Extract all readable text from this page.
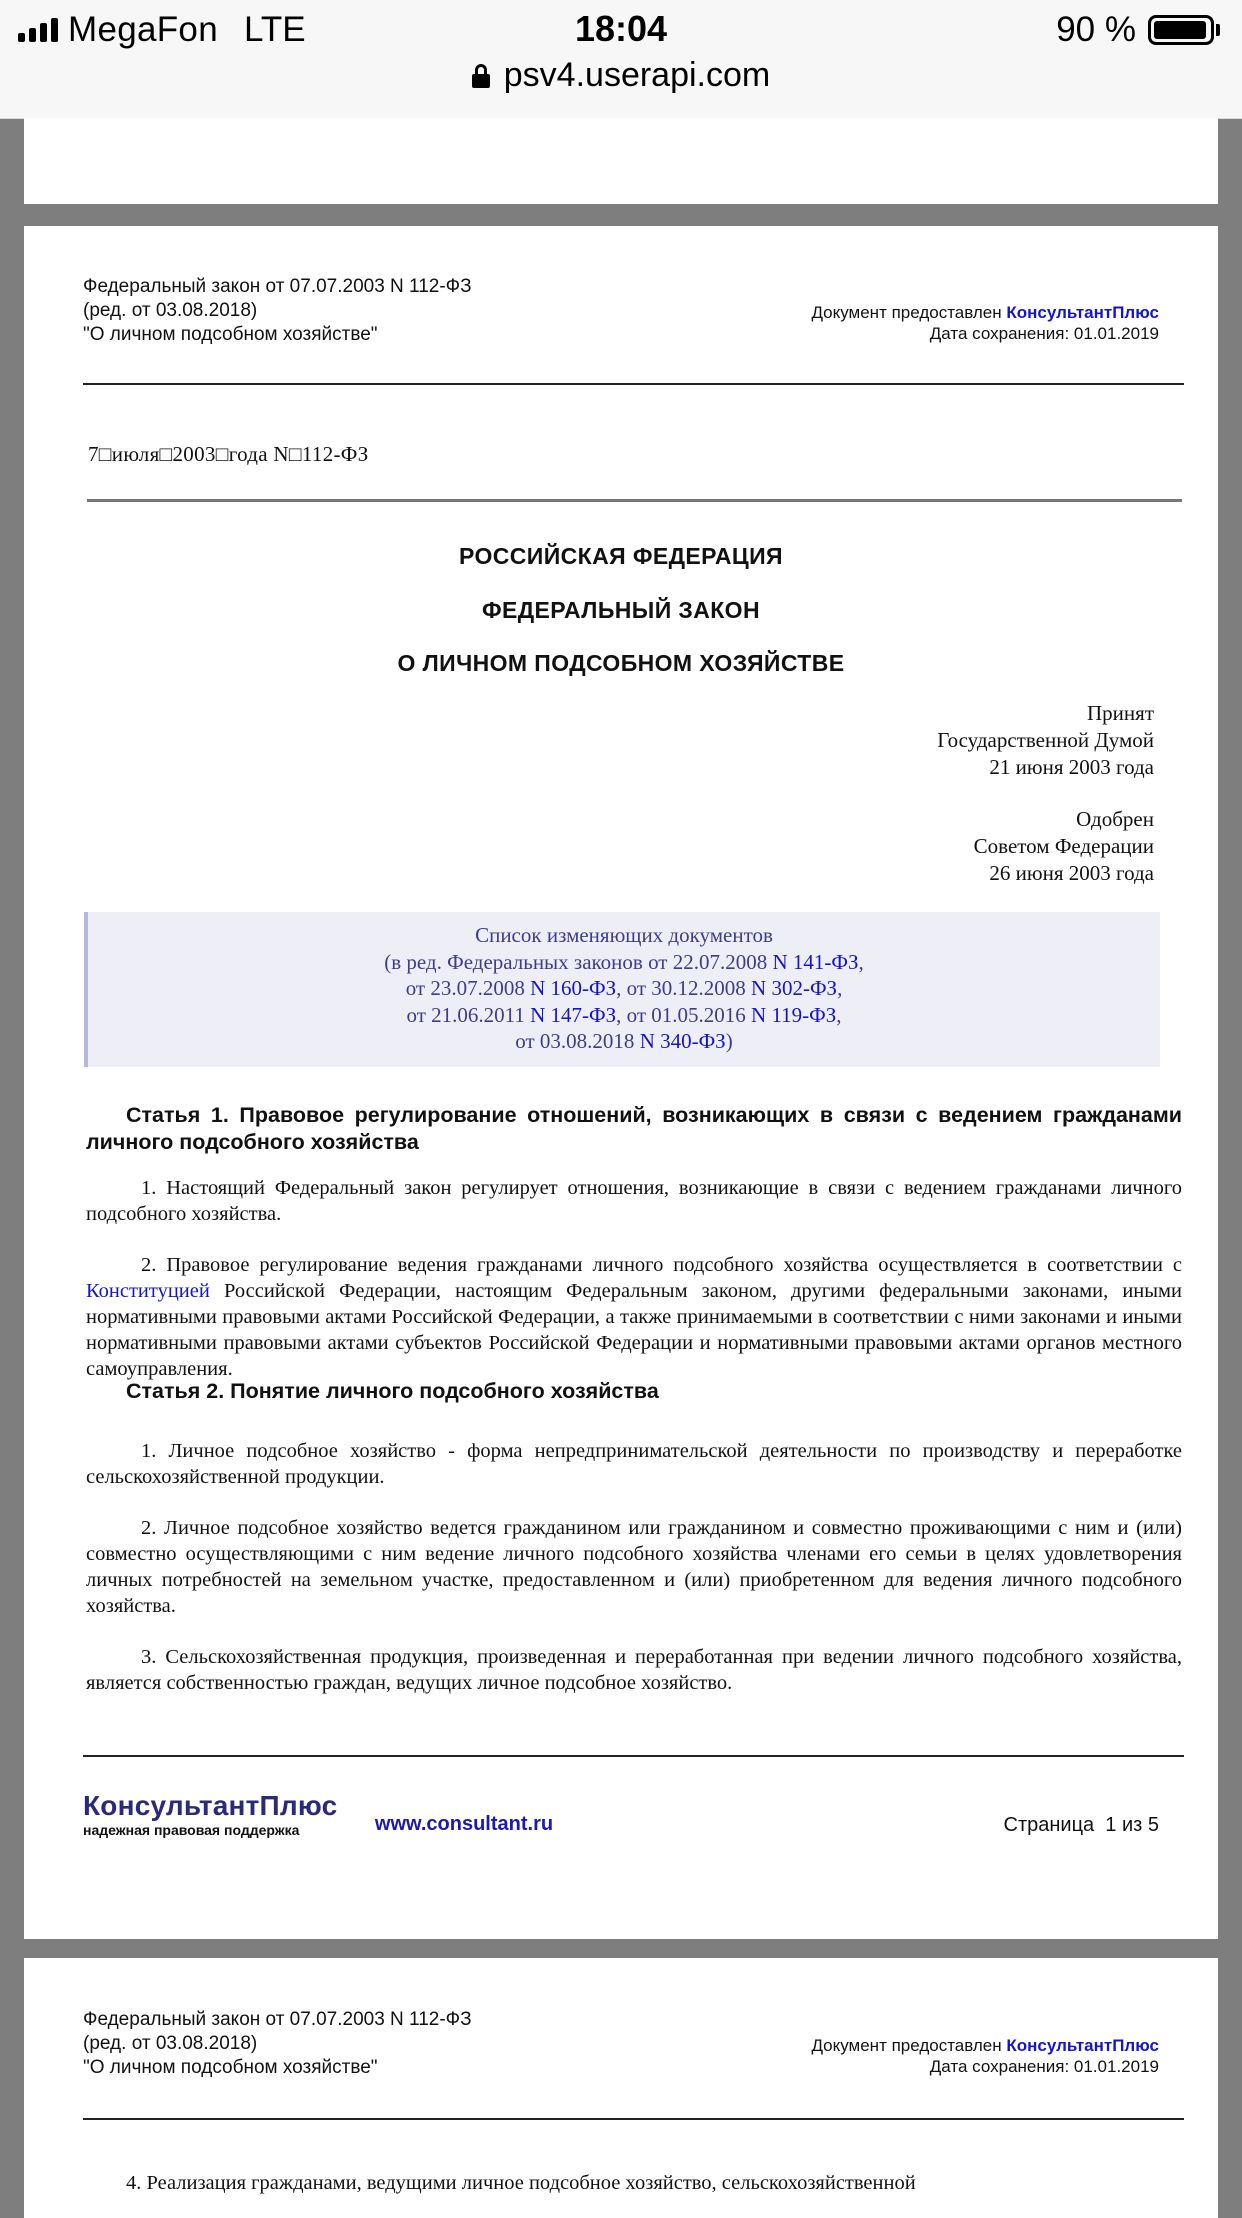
MegaFon LTE	18:04	90 %
psv4.userapi.com
Федеральный закон от 07.07.2003 N 112-ФЗ
(ред. от 03.08.2018)
"О личном подсобном хозяйстве"
Документ предоставлен КонсультантПлюс
Дата сохранения: 01.01.2019
7□июля□2003□года N□112-ФЗ
РОССИЙСКАЯ ФЕДЕРАЦИЯ
ФЕДЕРАЛЬНЫЙ ЗАКОН
О ЛИЧНОМ ПОДСОБНОМ ХОЗЯЙСТВЕ
Принят
Государственной Думой
21 июня 2003 года
Одобрен
Советом Федерации
26 июня 2003 года
Список изменяющих документов
(в ред. Федеральных законов от 22.07.2008 N 141-ФЗ,
от 23.07.2008 N 160-ФЗ, от 30.12.2008 N 302-ФЗ,
от 21.06.2011 N 147-ФЗ, от 01.05.2016 N 119-ФЗ,
от 03.08.2018 N 340-ФЗ)
Статья 1. Правовое регулирование отношений, возникающих в связи с ведением гражданами личного подсобного хозяйства
1. Настоящий Федеральный закон регулирует отношения, возникающие в связи с ведением гражданами личного подсобного хозяйства.
2. Правовое регулирование ведения гражданами личного подсобного хозяйства осуществляется в соответствии с Конституцией Российской Федерации, настоящим Федеральным законом, другими федеральными законами, иными нормативными правовыми актами Российской Федерации, а также принимаемыми в соответствии с ними законами и иными нормативными правовыми актами субъектов Российской Федерации и нормативными правовыми актами органов местного самоуправления.
Статья 2. Понятие личного подсобного хозяйства
1. Личное подсобное хозяйство - форма непредпринимательской деятельности по производству и переработке сельскохозяйственной продукции.
2. Личное подсобное хозяйство ведется гражданином или гражданином и совместно проживающими с ним и (или) совместно осуществляющими с ним ведение личного подсобного хозяйства членами его семьи в целях удовлетворения личных потребностей на земельном участке, предоставленном и (или) приобретенном для ведения личного подсобного хозяйства.
3. Сельскохозяйственная продукция, произведенная и переработанная при ведении личного подсобного хозяйства, является собственностью граждан, ведущих личное подсобное хозяйство.
КонсультантПлюс
надежная правовая поддержка	www.consultant.ru	Страница 1 из 5
Федеральный закон от 07.07.2003 N 112-ФЗ
(ред. от 03.08.2018)
"О личном подсобном хозяйстве"
Документ предоставлен КонсультантПлюс
Дата сохранения: 01.01.2019
4. Реализация гражданами, ведущими личное подсобное хозяйство, сельскохозяйственной
